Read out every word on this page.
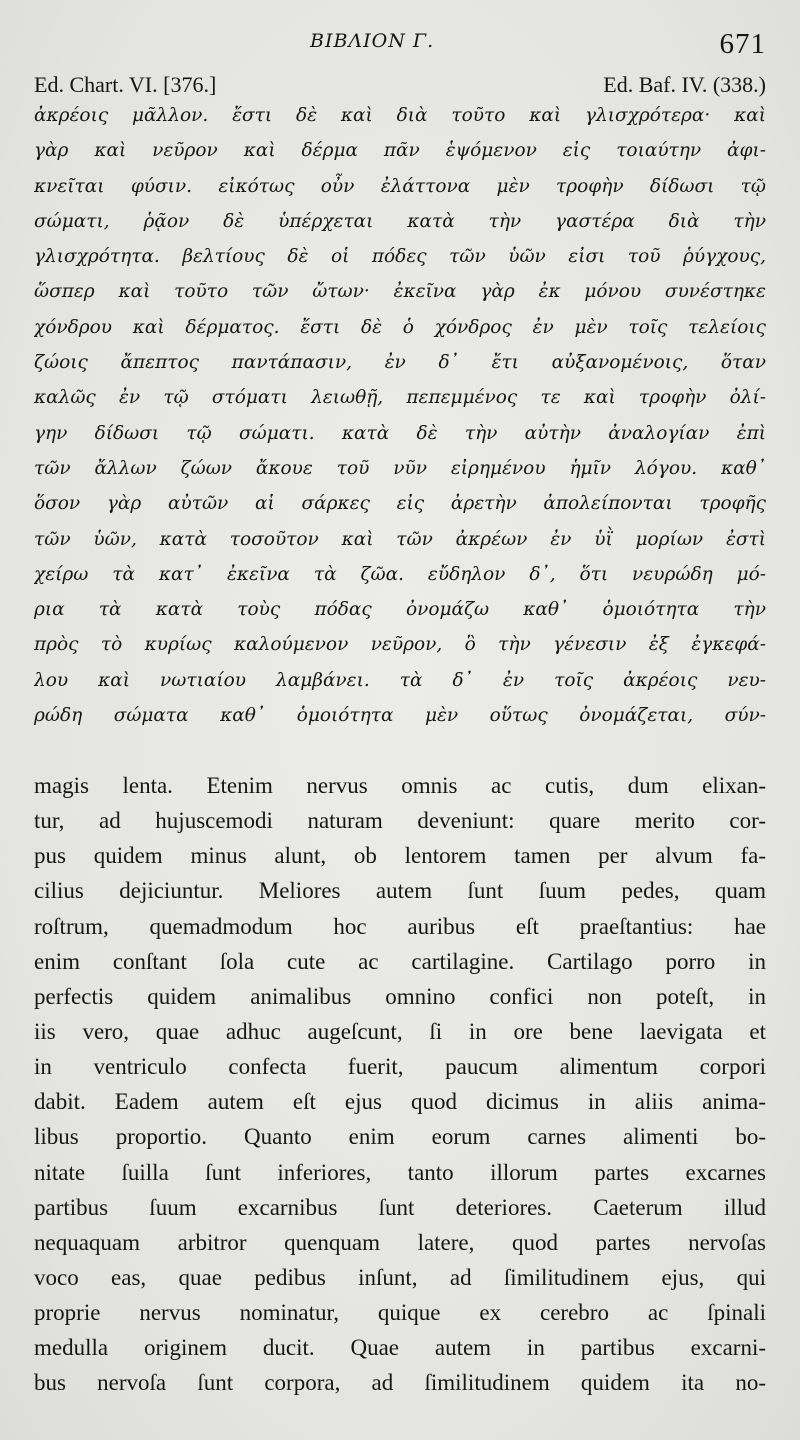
ΒΙΒΛΙΟΝ Γ.	671
Ed. Chart. VI. [376.]	Ed. Baf. IV. (338.)
ἀκρέοις μᾶλλον. ἔστι δὲ καὶ διὰ τοῦτο καὶ γλισχρότερα· καὶ
γὰρ καὶ νεῦρον καὶ δέρμα πᾶν ἑψόμενον εἰς τοιαύτην ἀφι-
κνεῖται φύσιν. εἰκότως οὖν ἐλάττονα μὲν τροφὴν δίδωσι τῷ
σώματι, ῥᾷον δὲ ὑπέρχεται κατὰ τὴν γαστέρα διὰ τὴν
γλισχρότητα. βελτίους δὲ οἱ πόδες τῶν ὑῶν εἰσι τοῦ ῥύγχους,
ὥσπερ καὶ τοῦτο τῶν ὤτων· ἐκεῖνα γὰρ ἐκ μόνου συνέστηκε
χόνδρου καὶ δέρματος. ἔστι δὲ ὁ χόνδρος ἐν μὲν τοῖς τελείοις
ζώοις ἄπεπτος παντάπασιν, ἐν δ᾽ ἔτι αὐξανομένοις, ὅταν
καλῶς ἐν τῷ στόματι λειωθῇ, πεπεμμένος τε καὶ τροφὴν ὀλί-
γην δίδωσι τῷ σώματι. κατὰ δὲ τὴν αὐτὴν ἀναλογίαν ἐπὶ
τῶν ἄλλων ζώων ἄκουε τοῦ νῦν εἰρημένου ἡμῖν λόγου. καθ᾽
ὅσον γὰρ αὐτῶν αἱ σάρκες εἰς ἀρετὴν ἀπολείπονται τροφῆς
τῶν ὑῶν, κατὰ τοσοῦτον καὶ τῶν ἀκρέων ἐν ὑῒ μορίων ἐστὶ
χείρω τὰ κατ᾽ ἐκεῖνα τὰ ζῶα. εὔδηλον δ᾽, ὅτι νευρώδη μό-
ρια τὰ κατὰ τοὺς πόδας ὀνομάζω καθ᾽ ὁμοιότητα τὴν
πρὸς τὸ κυρίως καλούμενον νεῦρον, ὃ τὴν γένεσιν ἐξ ἐγκεφά-
λου καὶ νωτιαίου λαμβάνει. τὰ δ᾽ ἐν τοῖς ἀκρέοις νευ-
ρώδη σώματα καθ᾽ ὁμοιότητα μὲν οὕτως ὀνομάζεται, σύν-
magis lenta. Etenim nervus omnis ac cutis, dum elixan-
tur, ad hujuscemodi naturam deveniunt: quare merito cor-
pus quidem minus alunt, ob lentorem tamen per alvum fa-
cilius dejiciuntur. Meliores autem ſunt ſuum pedes, quam
roſtrum, quemadmodum hoc auribus eſt praeſtantius: hae
enim conſtant ſola cute ac cartilagine. Cartilago porro in
perfectis quidem animalibus omnino confici non poteſt, in
iis vero, quae adhuc augeſcunt, ſi in ore bene laevigata et
in ventriculo confecta fuerit, paucum alimentum corpori
dabit. Eadem autem eſt ejus quod dicimus in aliis anima-
libus proportio. Quanto enim eorum carnes alimenti bo-
nitate ſuilla ſunt inferiores, tanto illorum partes excarnes
partibus ſuum excarnibus ſunt deteriores. Caeterum illud
nequaquam arbitror quenquam latere, quod partes nervoſas
voco eas, quae pedibus inſunt, ad ſimilitudinem ejus, qui
proprie nervus nominatur, quique ex cerebro ac ſpinali
medulla originem ducit. Quae autem in partibus excarni-
bus nervoſa ſunt corpora, ad ſimilitudinem quidem ita no-
